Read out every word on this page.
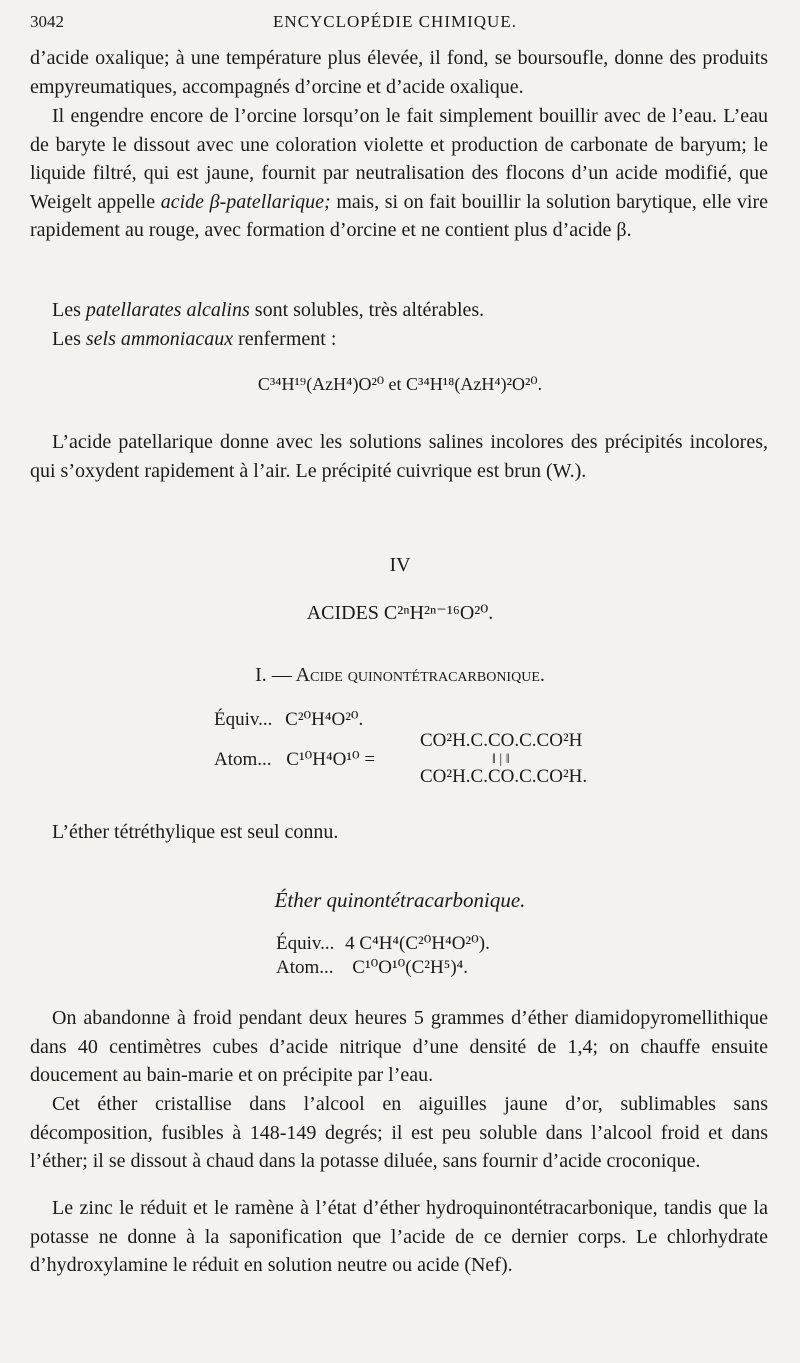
3042	ENCYCLOPÉDIE CHIMIQUE.

d’acide oxalique; à une température plus élevée, il fond, se boursoufle, donne des produits empyreumatiques, accompagnés d’orcine et d’acide oxalique.

Il engendre encore de l’orcine lorsqu’on le fait simplement bouillir avec de l’eau. L’eau de baryte le dissout avec une coloration violette et production de carbonate de baryum; le liquide filtré, qui est jaune, fournit par neutralisation des flocons d’un acide modifié, que Weigelt appelle acide β-patellarique; mais, si on fait bouillir la solution barytique, elle vire rapidement au rouge, avec formation d’orcine et ne contient plus d’acide β.

Les patellarates alcalins sont solubles, très altérables.

Les sels ammoniacaux renferment :

C³⁴H¹⁹(AzH⁴)O²⁰ et C³⁴H¹⁸(AzH⁴)²O²⁰.

L’acide patellarique donne avec les solutions salines incolores des précipités incolores, qui s’oxydent rapidement à l’air. Le précipité cuivrique est brun (W.).

IV
ACIDES C²ⁿH²ⁿ⁻¹⁶O²⁰.
I. — Acide quinontétracarbonique.
Équiv... C²⁰H⁴O²⁰.
Atom... C¹⁰H⁴O¹⁰ =
CO²H.C.CO.C.CO²H
‖ | ‖
CO²H.C.CO.C.CO²H.

L’éther tétréthylique est seul connu.

Éther quinontétracarbonique.
Équiv... 4 C⁴H⁴(C²⁰H⁴O²⁰).
Atom... C¹⁰O¹⁰(C²H⁵)⁴.

On abandonne à froid pendant deux heures 5 grammes d’éther diamidopyromellithique dans 40 centimètres cubes d’acide nitrique d’une densité de 1,4; on chauffe ensuite doucement au bain-marie et on précipite par l’eau.

Cet éther cristallise dans l’alcool en aiguilles jaune d’or, sublimables sans décomposition, fusibles à 148-149 degrés; il est peu soluble dans l’alcool froid et dans l’éther; il se dissout à chaud dans la potasse diluée, sans fournir d’acide croconique.

Le zinc le réduit et le ramène à l’état d’éther hydroquinontétracarbonique, tandis que la potasse ne donne à la saponification que l’acide de ce dernier corps. Le chlorhydrate d’hydroxylamine le réduit en solution neutre ou acide (Nef).
